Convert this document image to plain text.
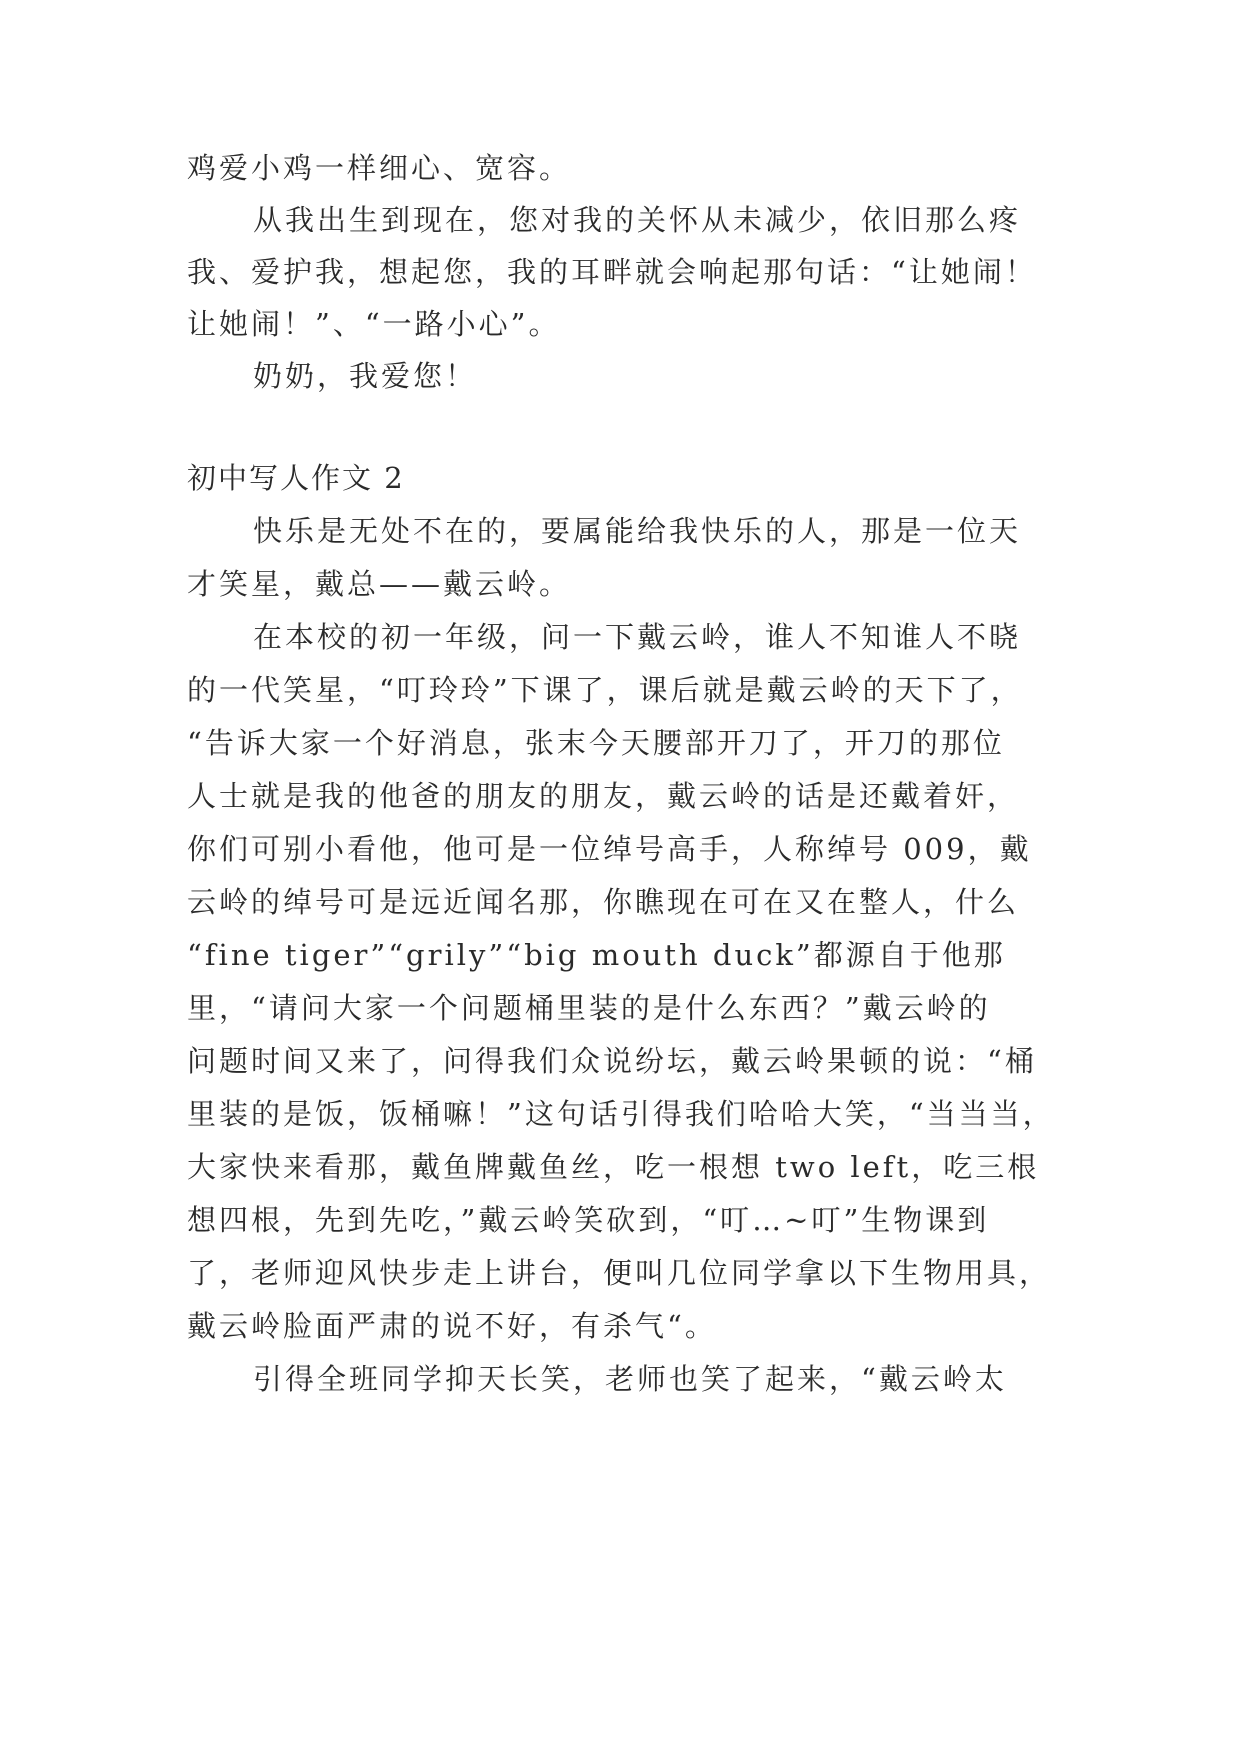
鸡爱小鸡一样细心、宽容。
从我出生到现在，您对我的关怀从未减少，依旧那么疼
我、爱护我，想起您，我的耳畔就会响起那句话：“让她闹！
让她闹！”、“一路小心”。
奶奶，我爱您！
初中写人作文 2
快乐是无处不在的，要属能给我快乐的人，那是一位天
才笑星，戴总——戴云岭。
在本校的初一年级，问一下戴云岭，谁人不知谁人不晓
的一代笑星，“叮玲玲”下课了，课后就是戴云岭的天下了，
“告诉大家一个好消息，张末今天腰部开刀了，开刀的那位
人士就是我的他爸的朋友的朋友，戴云岭的话是还戴着奸，
你们可别小看他，他可是一位绰号高手，人称绰号 009，戴
云岭的绰号可是远近闻名那，你瞧现在可在又在整人，什么
“fine tiger”“grily”“big mouth duck”都源自于他那
里，“请问大家一个问题桶里装的是什么东西？”戴云岭的
问题时间又来了，问得我们众说纷坛，戴云岭果顿的说：“桶
里装的是饭，饭桶嘛！”这句话引得我们哈哈大笑，“当当当，
大家快来看那，戴鱼牌戴鱼丝，吃一根想 two left，吃三根
想四根，先到先吃，”戴云岭笑砍到，“叮…~叮”生物课到
了，老师迎风快步走上讲台，便叫几位同学拿以下生物用具，
戴云岭脸面严肃的说不好，有杀气“。
引得全班同学抑天长笑，老师也笑了起来，“戴云岭太
